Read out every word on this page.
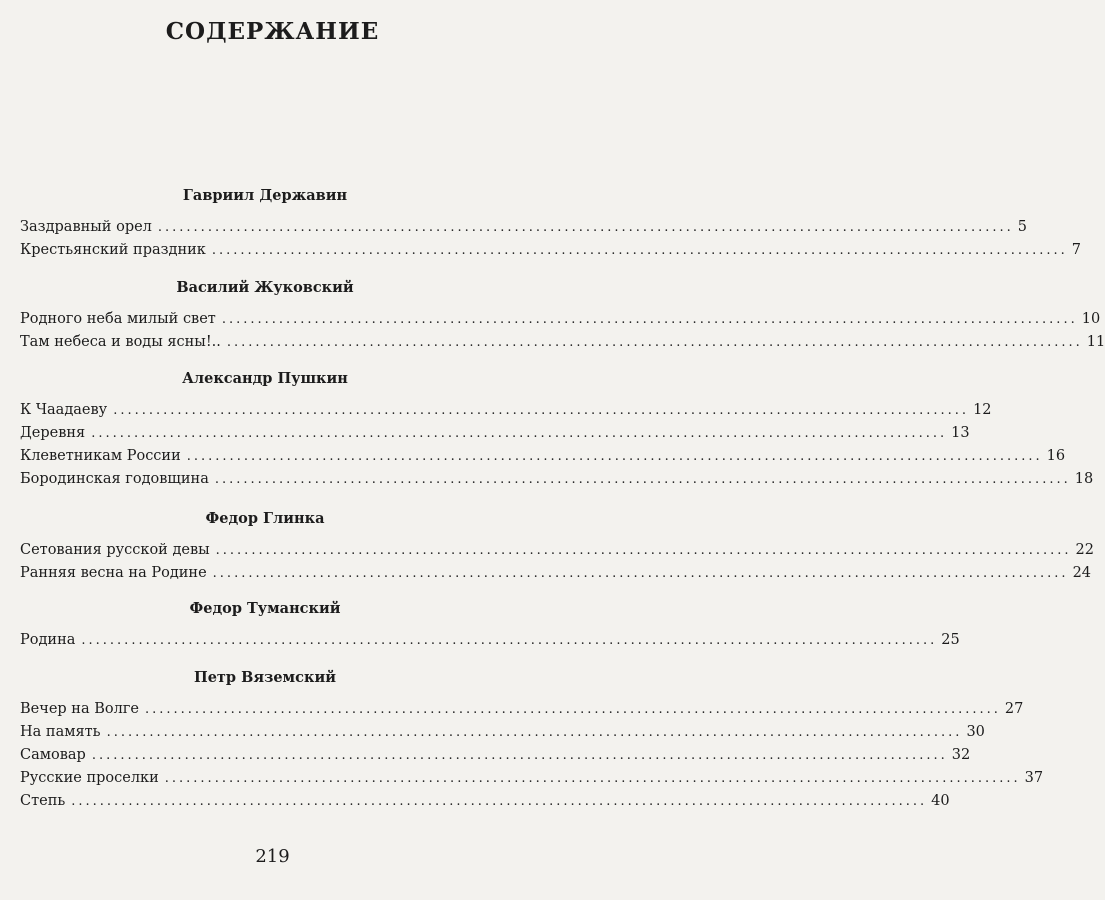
СОДЕРЖАНИЕ
Гавриил Державин
Заздравный орел ........................................................................................................................ 5
Крестьянский праздник ........................................................................................................................ 7
Василий Жуковский
Родного неба милый свет ........................................................................................................................ 10
Там небеса и воды ясны!.. ........................................................................................................................ 11
Александр Пушкин
К Чаадаеву ........................................................................................................................ 12
Деревня ........................................................................................................................ 13
Клеветникам России ........................................................................................................................ 16
Бородинская годовщина ........................................................................................................................ 18
Федор Глинка
Сетования русской девы ........................................................................................................................ 22
Ранняя весна на Родине ........................................................................................................................ 24
Федор Туманский
Родина ........................................................................................................................ 25
Петр Вяземский
Вечер на Волге ........................................................................................................................ 27
На память ........................................................................................................................ 30
Самовар ........................................................................................................................ 32
Русские проселки ........................................................................................................................ 37
Степь ........................................................................................................................ 40
219
